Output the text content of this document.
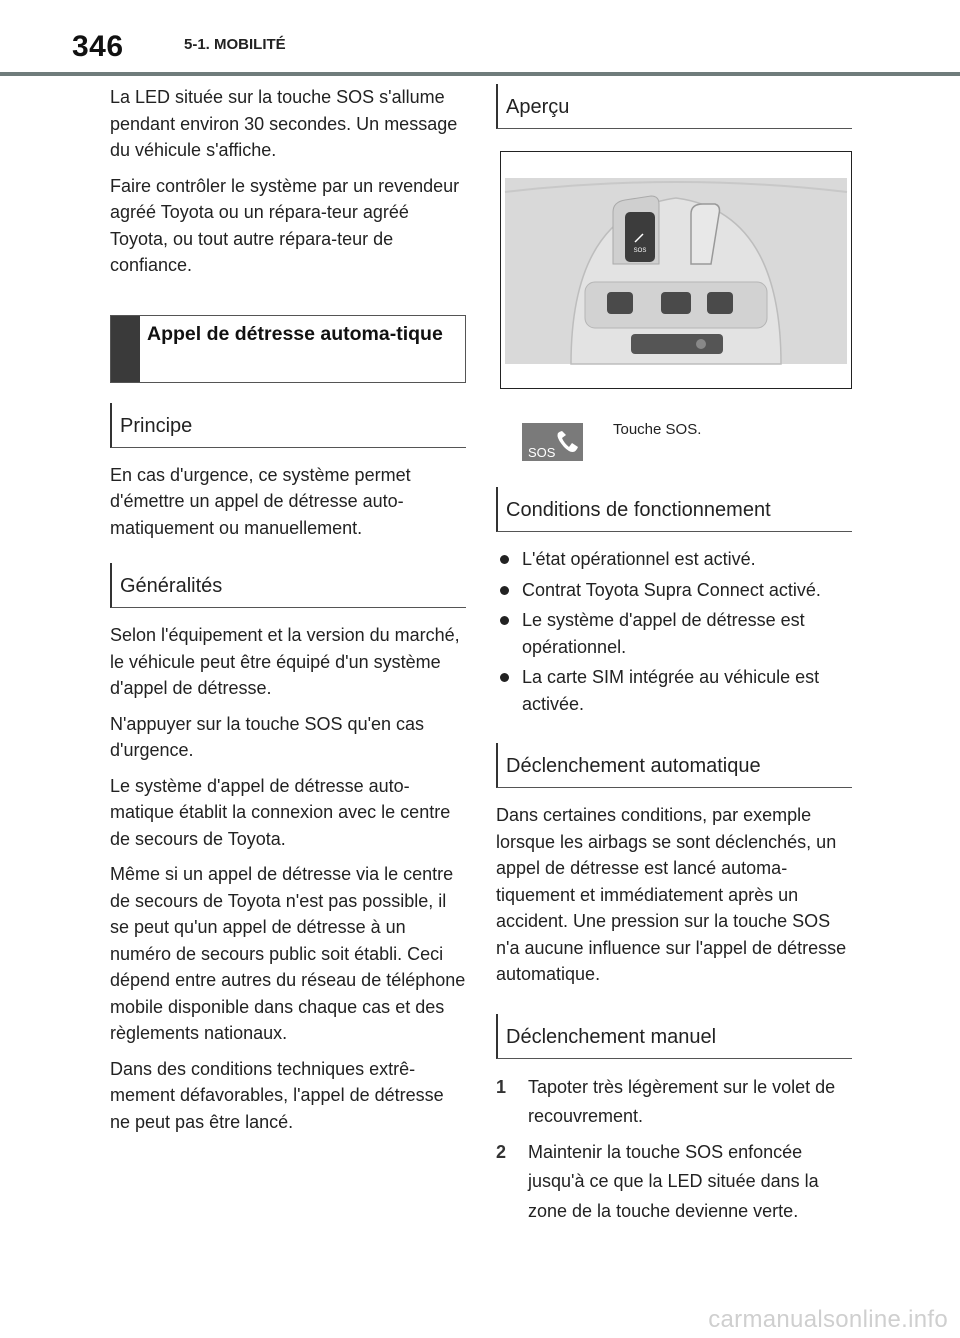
346	5-1. MOBILITÉ

La LED située sur la touche SOS s'allume pendant environ 30 secondes. Un message du véhicule s'affiche.

Faire contrôler le système par un revendeur agréé Toyota ou un répara-teur agréé Toyota, ou tout autre répara-teur de confiance.

Appel de détresse automa-tique
Principe

En cas d'urgence, ce système permet d'émettre un appel de détresse auto-matiquement ou manuellement.

Généralités

Selon l'équipement et la version du marché, le véhicule peut être équipé d'un système d'appel de détresse.

N'appuyer sur la touche SOS qu'en cas d'urgence.

Le système d'appel de détresse auto-matique établit la connexion avec le centre de secours de Toyota.

Même si un appel de détresse via le centre de secours de Toyota n'est pas possible, il se peut qu'un appel de détresse à un numéro de secours public soit établi. Ceci dépend entre autres du réseau de téléphone mobile disponible dans chaque cas et des règlements nationaux.

Dans des conditions techniques extrê-mement défavorables, l'appel de détresse ne peut pas être lancé.

Aperçu
SOS
SOS
Touche SOS.
Conditions de fonctionnement
L'état opérationnel est activé.
Contrat Toyota Supra Connect activé.
Le système d'appel de détresse est opérationnel.
La carte SIM intégrée au véhicule est activée.
Déclenchement automatique

Dans certaines conditions, par exemple lorsque les airbags se sont déclenchés, un appel de détresse est lancé automa-tiquement et immédiatement après un accident. Une pression sur la touche SOS n'a aucune influence sur l'appel de détresse automatique.

Déclenchement manuel
1 Tapoter très légèrement sur le volet de recouvrement.
2 Maintenir la touche SOS enfoncée jusqu'à ce que la LED située dans la zone de la touche devienne verte.
carmanualsonline.info
